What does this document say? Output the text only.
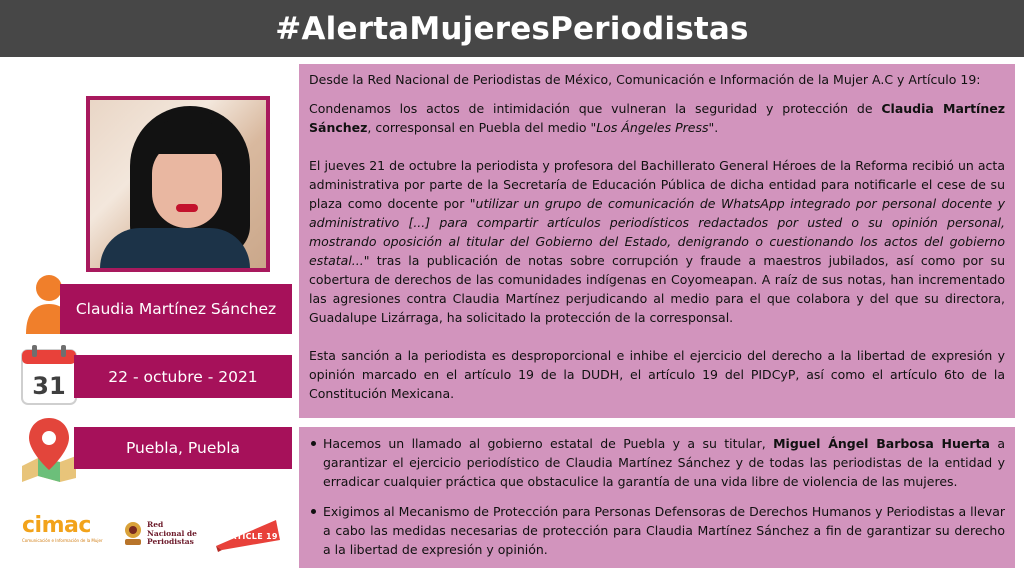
#AlertaMujeresPeriodistas
Claudia Martínez Sánchez
31	22 - octubre - 2021
Puebla, Puebla

Desde la Red Nacional de Periodistas de México, Comunicación e Información de la Mujer A.C y Artículo 19:

Condenamos los actos de intimidación que vulneran la seguridad y protección de Claudia Martínez Sánchez, corresponsal en Puebla del medio "Los Ángeles Press".

El jueves 21 de octubre la periodista y profesora del Bachillerato General Héroes de la Reforma recibió un acta administrativa por parte de la Secretaría de Educación Pública de dicha entidad para notificarle el cese de su plaza como docente por "utilizar un grupo de comunicación de WhatsApp integrado por personal docente y administrativo [...] para compartir artículos periodísticos redactados por usted o su opinión personal, mostrando oposición al titular del Gobierno del Estado, denigrando o cuestionando los actos del gobierno estatal..." tras la publicación de notas sobre corrupción y fraude a maestros jubilados, así como por su cobertura de derechos de las comunidades indígenas en Coyomeapan. A raíz de sus notas, han incrementado las agresiones contra Claudia Martínez perjudicando al medio para el que colabora y del que su directora, Guadalupe Lizárraga, ha solicitado la protección de la corresponsal.

Esta sanción a la periodista es desproporcional e inhibe el ejercicio del derecho a la libertad de expresión y opinión marcado en el artículo 19 de la DUDH, el artículo 19 del PIDCyP, así como el artículo 6to de la Constitución Mexicana.

Hacemos un llamado al gobierno estatal de Puebla y a su titular, Miguel Ángel Barbosa Huerta a garantizar el ejercicio periodístico de Claudia Martínez Sánchez y de todas las periodistas de la entidad y erradicar cualquier práctica que obstaculice la garantía de una vida libre de violencia de las mujeres.
Exigimos al Mecanismo de Protección para Personas Defensoras de Derechos Humanos y Periodistas a llevar a cabo las medidas necesarias de protección para Claudia Martínez Sánchez a fin de garantizar su derecho a la libertad de expresión y opinión.
cimac
Comunicación e Información de la Mujer
Red
Nacional de
Periodistas
ARTICLE 19
